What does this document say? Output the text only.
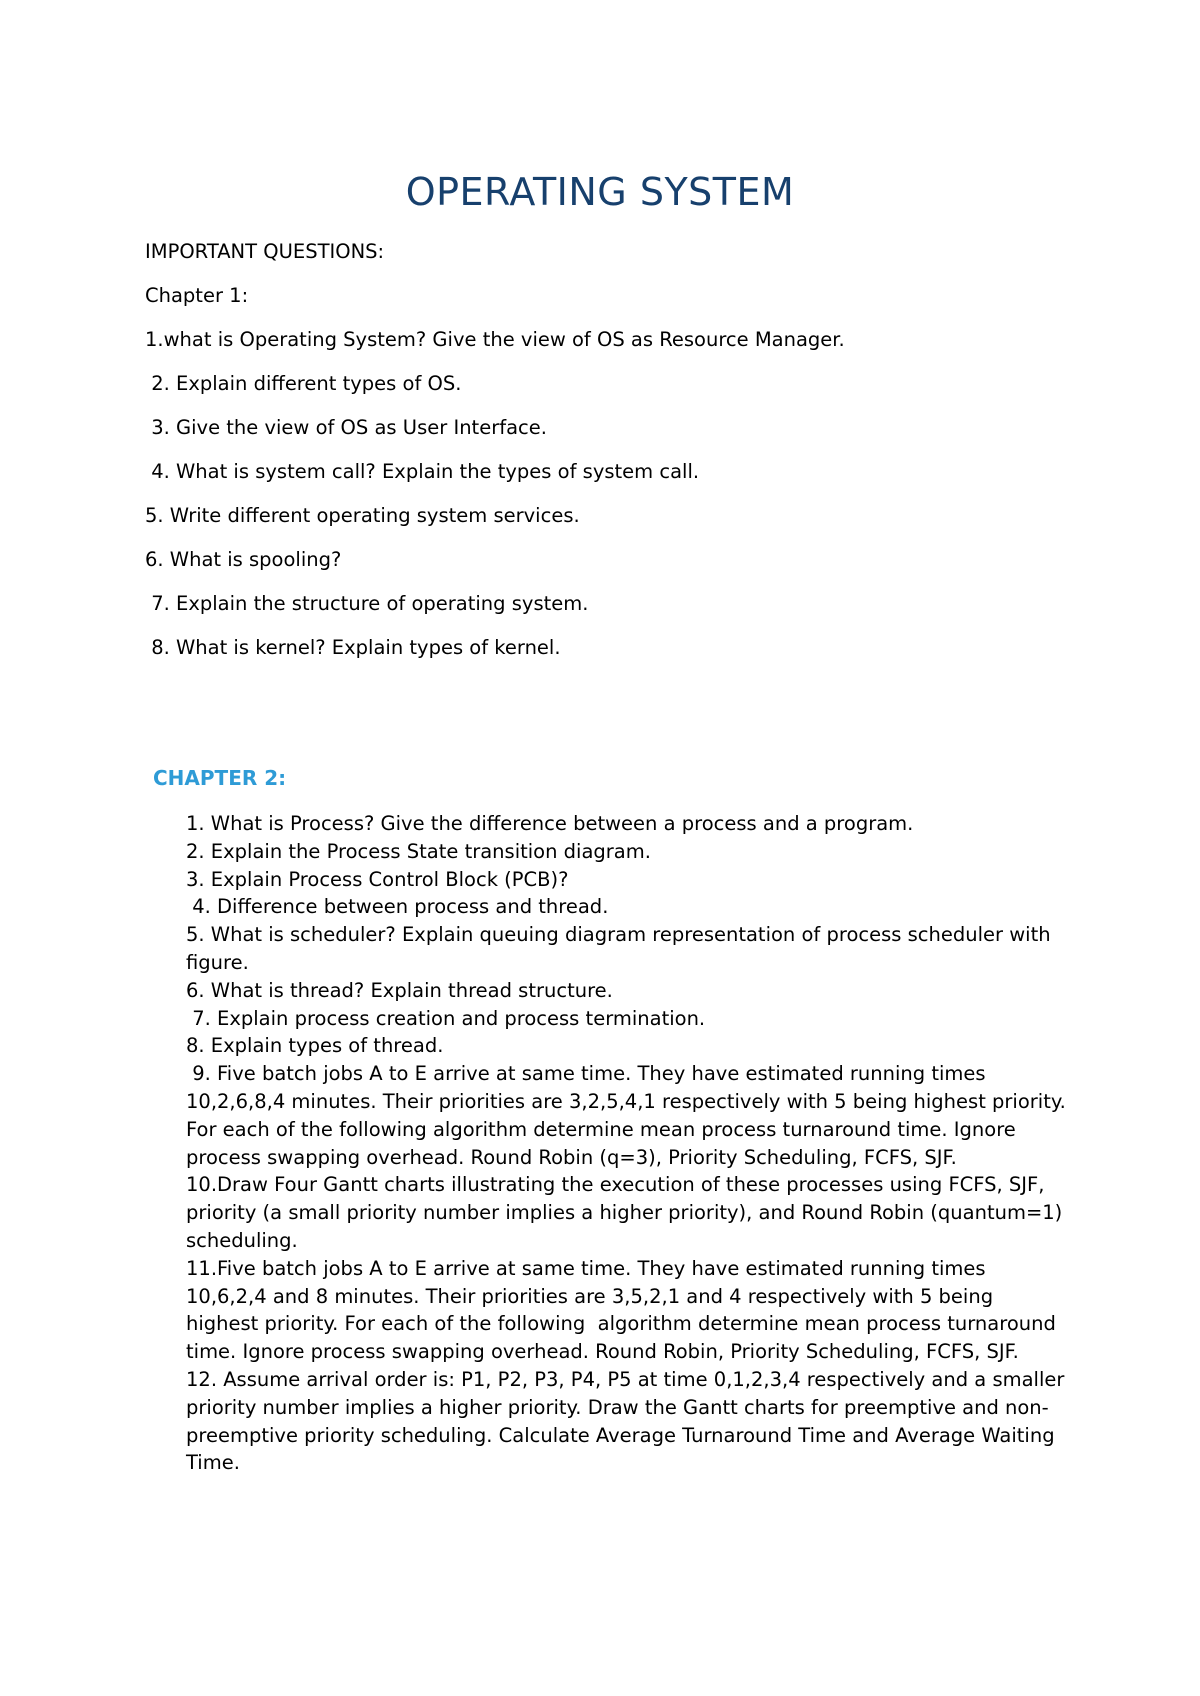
OPERATING SYSTEM
IMPORTANT QUESTIONS:
Chapter 1:
1.what is Operating System? Give the view of OS as Resource Manager.
2. Explain different types of OS.
3. Give the view of OS as User Interface.
4. What is system call? Explain the types of system call.
5. Write different operating system services.
6. What is spooling?
7. Explain the structure of operating system.
8. What is kernel? Explain types of kernel.
CHAPTER 2:
1. What is Process? Give the difference between a process and a program.
2. Explain the Process State transition diagram.
3. Explain Process Control Block (PCB)?
4. Difference between process and thread.
5. What is scheduler? Explain queuing diagram representation of process scheduler with figure.
6. What is thread? Explain thread structure.
7. Explain process creation and process termination.
8. Explain types of thread.
9. Five batch jobs A to E arrive at same time. They have estimated running times 10,2,6,8,4 minutes. Their priorities are 3,2,5,4,1 respectively with 5 being highest priority. For each of the following algorithm determine mean process turnaround time. Ignore process swapping overhead. Round Robin (q=3), Priority Scheduling, FCFS, SJF.
10.Draw Four Gantt charts illustrating the execution of these processes using FCFS, SJF, priority (a small priority number implies a higher priority), and Round Robin (quantum=1) scheduling.
11.Five batch jobs A to E arrive at same time. They have estimated running times 10,6,2,4 and 8 minutes. Their priorities are 3,5,2,1 and 4 respectively with 5 being highest priority. For each of the following  algorithm determine mean process turnaround time. Ignore process swapping overhead. Round Robin, Priority Scheduling, FCFS, SJF.
12. Assume arrival order is: P1, P2, P3, P4, P5 at time 0,1,2,3,4 respectively and a smaller priority number implies a higher priority. Draw the Gantt charts for preemptive and non-preemptive priority scheduling. Calculate Average Turnaround Time and Average Waiting Time.
